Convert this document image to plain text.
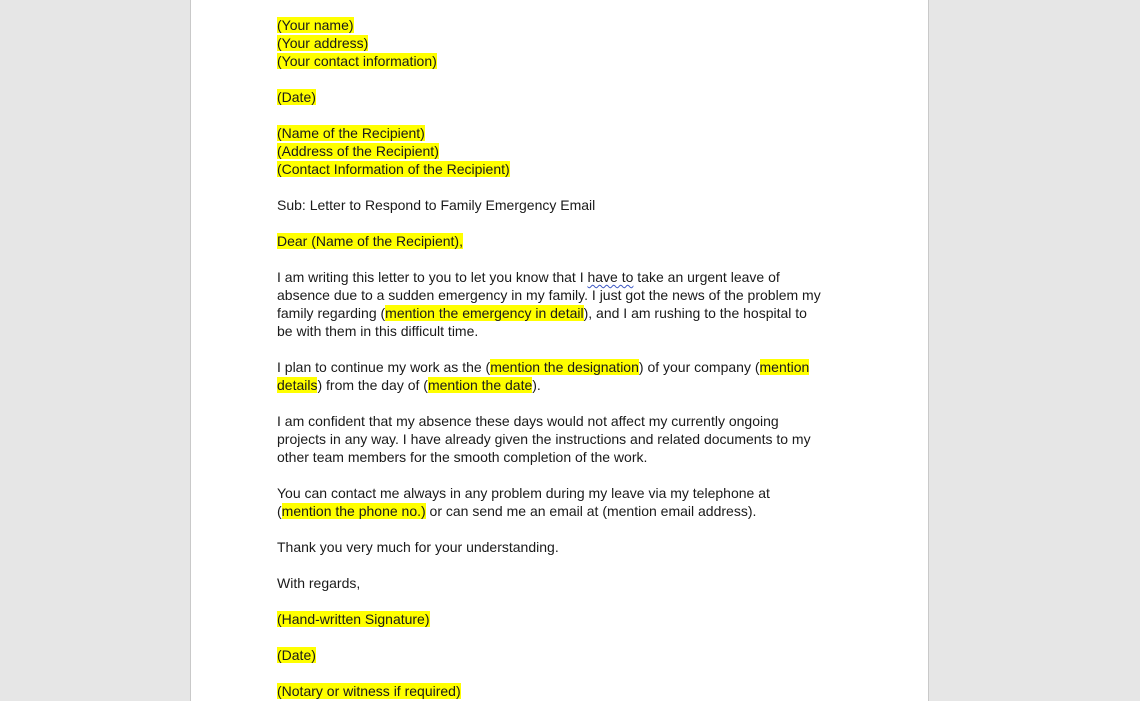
(Your name)
(Your address)
(Your contact information)
(Date)
(Name of the Recipient)
(Address of the Recipient)
(Contact Information of the Recipient)
Sub: Letter to Respond to Family Emergency Email
Dear (Name of the Recipient),
I am writing this letter to you to let you know that I have to take an urgent leave of
absence due to a sudden emergency in my family. I just got the news of the problem my
family regarding (mention the emergency in detail), and I am rushing to the hospital to
be with them in this difficult time.
I plan to continue my work as the (mention the designation) of your company (mention
details) from the day of (mention the date).
I am confident that my absence these days would not affect my currently ongoing
projects in any way. I have already given the instructions and related documents to my
other team members for the smooth completion of the work.
You can contact me always in any problem during my leave via my telephone at
(mention the phone no.) or can send me an email at (mention email address).
Thank you very much for your understanding.
With regards,
(Hand-written Signature)
(Date)
(Notary or witness if required)
